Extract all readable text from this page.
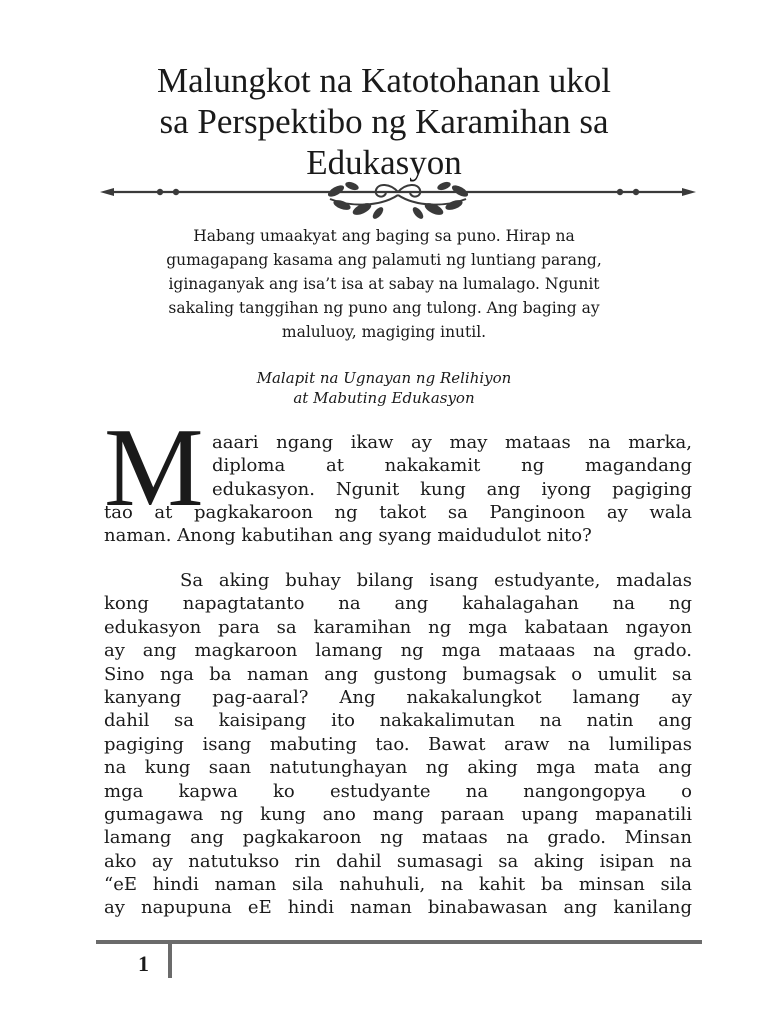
Malungkot na Katotohanan ukol
sa Perspektibo ng Karamihan sa
Edukasyon
Habang umaakyat ang baging sa puno. Hirap na
gumagapang kasama ang palamuti ng luntiang parang,
iginaganyak ang isa’t isa at sabay na lumalago. Ngunit
sakaling tanggihan ng puno ang tulong. Ang baging ay
maluluoy, magiging inutil.
Malapit na Ugnayan ng Relihiyon
at Mabuting Edukasyon
M aaari ngang ikaw ay may mataas na marka,
diploma at nakakamit ng magandang
edukasyon. Ngunit kung ang iyong pagiging
tao at pagkakaroon ng takot sa Panginoon ay wala
naman. Anong kabutihan ang syang maidudulot nito?
Sa aking buhay bilang isang estudyante, madalas
kong napagtatanto na ang kahalagahan na ng
edukasyon para sa karamihan ng mga kabataan ngayon
ay ang magkaroon lamang ng mga mataaas na grado.
Sino nga ba naman ang gustong bumagsak o umulit sa
kanyang pag-aaral? Ang nakakalungkot lamang ay
dahil sa kaisipang ito nakakalimutan na natin ang
pagiging isang mabuting tao. Bawat araw na lumilipas
na kung saan natutunghayan ng aking mga mata ang
mga kapwa ko estudyante na nangongopya o
gumagawa ng kung ano mang paraan upang mapanatili
lamang ang pagkakaroon ng mataas na grado. Minsan
ako ay natutukso rin dahil sumasagi sa aking isipan na
“eE hindi naman sila nahuhuli, na kahit ba minsan sila
ay napupuna eE hindi naman binabawasan ang kanilang
1
